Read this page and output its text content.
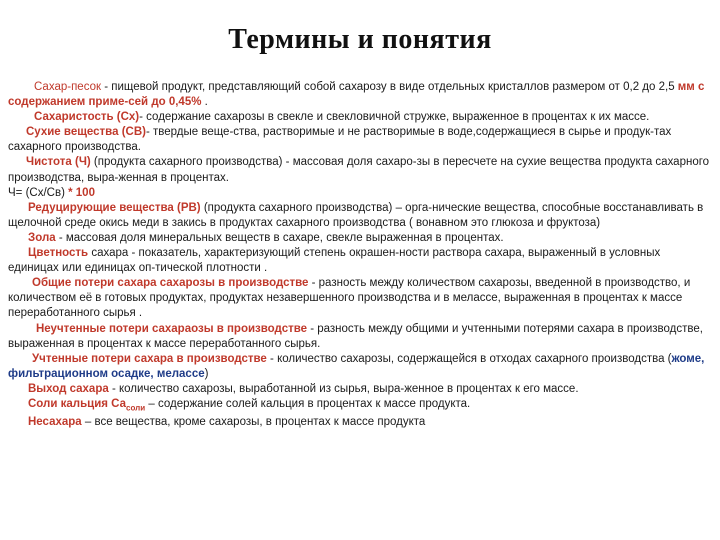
Термины и понятия

Сахар-песок - пищевой продукт, представляющий собой сахарозу в виде отдельных кристаллов размером от 0,2 до 2,5 мм с содержанием приме-сей до 0,45% .

Сахаристость (Сх)- содержание сахарозы в свекле и свекловичной стружке, выраженное в процентах к их массе.

Сухие вещества (СВ)- твердые веще-ства, растворимые и не растворимые в воде,содержащиеся в сырье и продук-тах сахарного производства.

Чистота (Ч) (продукта сахарного производства) - массовая доля сахаро-зы в пересчете на сухие вещества продукта сахарного производства, выра-женная в процентах.

Ч= (Сх/Св) * 100

Редуцирующие вещества (РВ) (продукта сахарного производства) – орга-нические вещества, способные восстанавливать в щелочной среде окись меди в закись в продуктах сахарного производства ( вонавном это глюкоза и фруктоза)

Зола - массовая доля минеральных веществ в сахаре, свекле выраженная в процентах.

Цветность сахара - показатель, характеризующий степень окрашен-ности раствора сахара, выраженный в условных единицах или единицах оп-тической плотности .

Общие потери сахара сахарозы в производстве - разность между количеством сахарозы, введенной в производство, и количеством её в готовых продуктах, продуктах незавершенного производства и в мелассе, выраженная в процентах к массе переработанного сырья .

Неучтенные потери сахараозы в производстве - разность между общими и учтенными потерями сахара в производстве, выраженная в процентах к массе переработанного сырья.

Учтенные потери сахара в производстве - количество сахарозы, содержащейся в отходах сахарного производства (жоме, фильтрационном осадке, мелассе)

Выход сахара - количество сахарозы, выработанной из сырья, выра-женное в процентах к его массе.

Соли кальция $Са_{соли}$ – содержание солей кальция в процентах к массе продукта.

Несахара – все вещества, кроме сахарозы, в процентах к массе продукта
